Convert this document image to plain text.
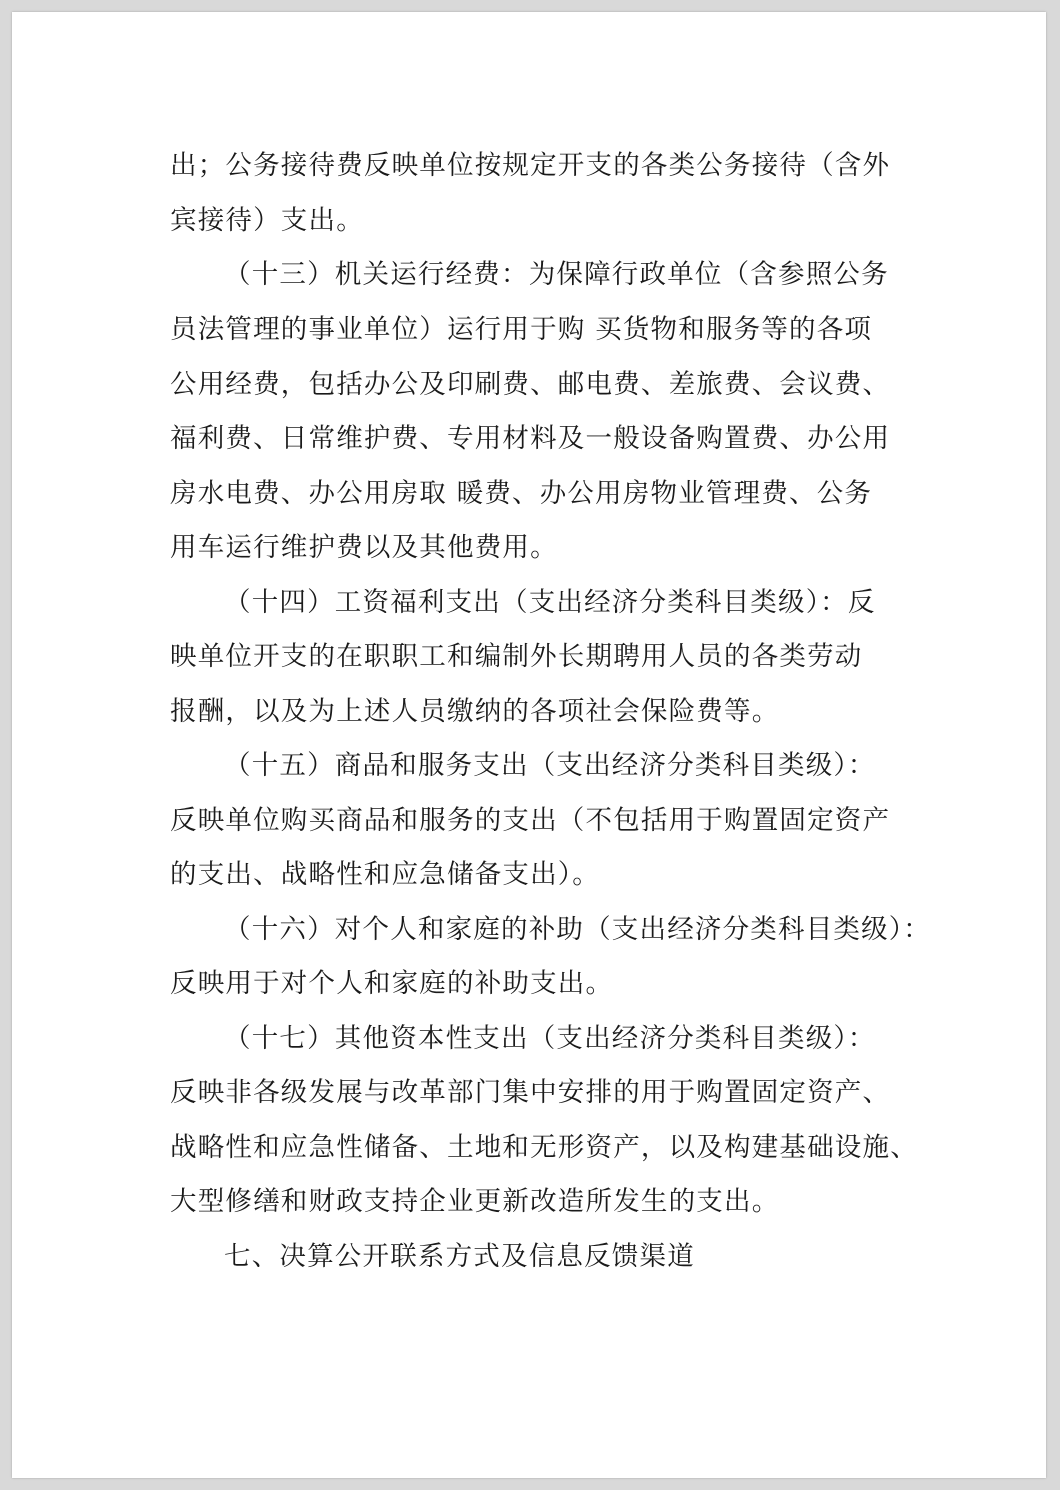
出；公务接待费反映单位按规定开支的各类公务接待（含外

宾接待）支出。

（十三）机关运行经费：为保障行政单位（含参照公务

员法管理的事业单位）运行用于购 买货物和服务等的各项

公用经费，包括办公及印刷费、邮电费、差旅费、会议费、

福利费、日常维护费、专用材料及一般设备购置费、办公用

房水电费、办公用房取 暖费、办公用房物业管理费、公务

用车运行维护费以及其他费用。

（十四）工资福利支出（支出经济分类科目类级）：反

映单位开支的在职职工和编制外长期聘用人员的各类劳动

报酬，以及为上述人员缴纳的各项社会保险费等。

（十五）商品和服务支出（支出经济分类科目类级）：

反映单位购买商品和服务的支出（不包括用于购置固定资产

的支出、战略性和应急储备支出）。

（十六）对个人和家庭的补助（支出经济分类科目类级）：

反映用于对个人和家庭的补助支出。

（十七）其他资本性支出（支出经济分类科目类级）：

反映非各级发展与改革部门集中安排的用于购置固定资产、

战略性和应急性储备、土地和无形资产，以及构建基础设施、

大型修缮和财政支持企业更新改造所发生的支出。

七、决算公开联系方式及信息反馈渠道
